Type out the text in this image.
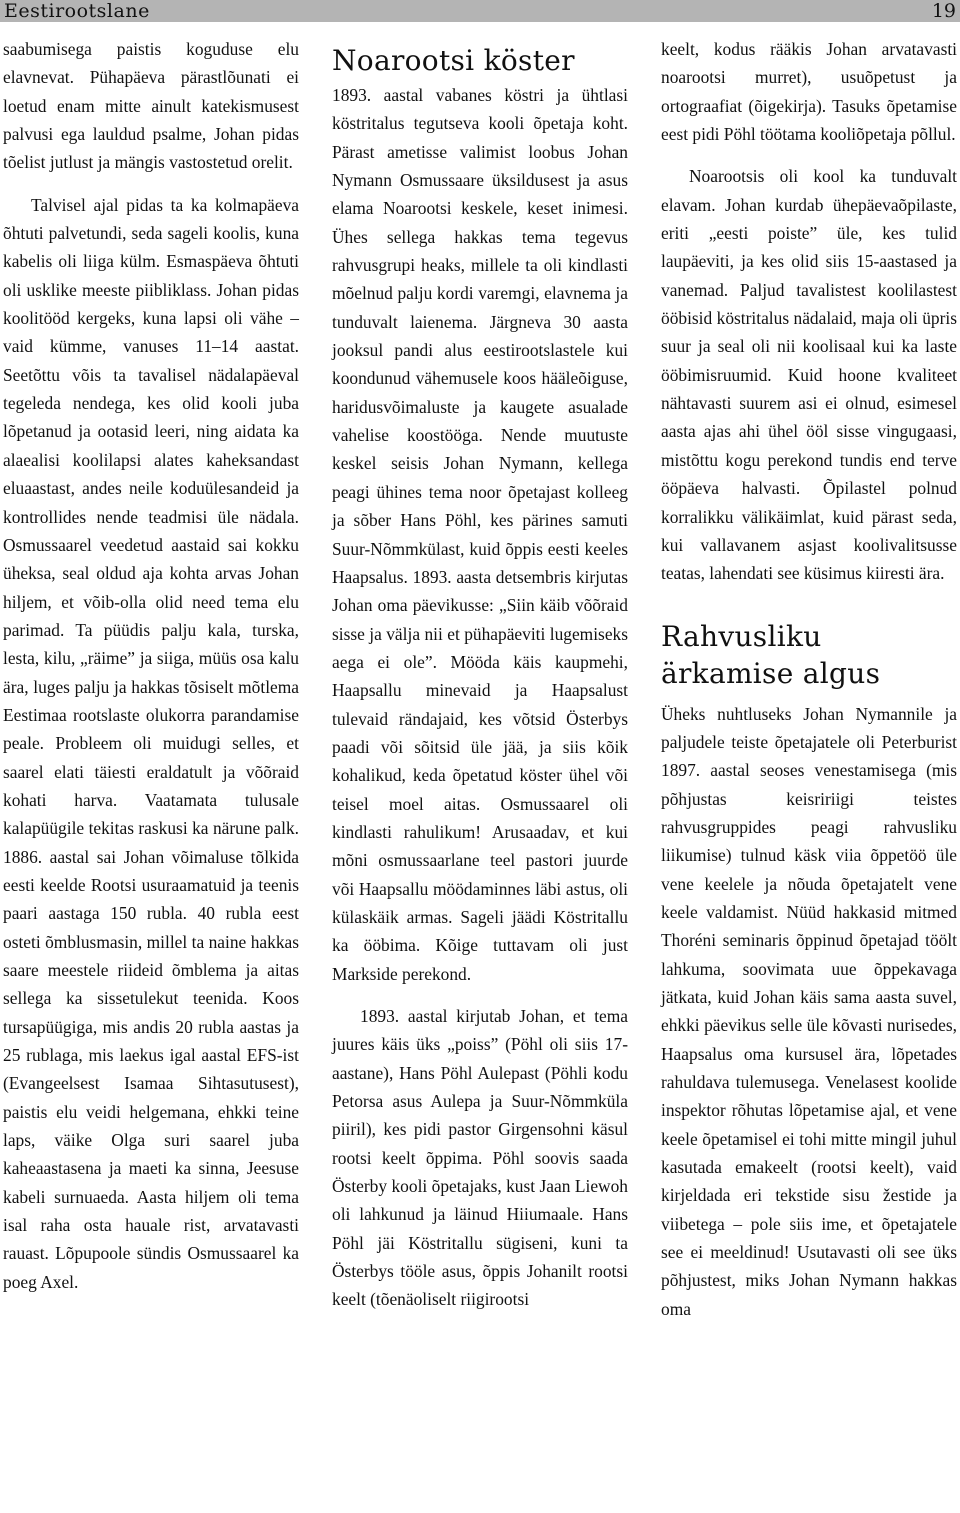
Eestirootslane	19

saabumisega paistis koguduse elu elavnevat. Pühapäeva pärastlõunati ei loetud enam mitte ainult katekismusest palvusi ega lauldud psalme, Johan pidas tõelist jutlust ja mängis vastostetud orelit.

Talvisel ajal pidas ta ka kolmapäeva õhtuti palvetundi, seda sageli koolis, kuna kabelis oli liiga külm. Esmaspäeva õhtuti oli usklike meeste piibliklass. Johan pidas koolitööd kergeks, kuna lapsi oli vähe – vaid kümme, vanuses 11–14 aastat. Seetõttu võis ta tavalisel nädalapäeval tegeleda nendega, kes olid kooli juba lõpetanud ja ootasid leeri, ning aidata ka alaealisi koolilapsi alates kaheksandast eluaastast, andes neile koduülesandeid ja kontrollides nende teadmisi üle nädala. Osmussaarel veedetud aastaid sai kokku üheksa, seal oldud aja kohta arvas Johan hiljem, et võib-olla olid need tema elu parimad. Ta püüdis palju kala, turska, lesta, kilu, „räime” ja siiga, müüs osa kalu ära, luges palju ja hakkas tõsiselt mõtlema Eestimaa rootslaste olukorra parandamise peale. Probleem oli muidugi selles, et saarel elati täiesti eraldatult ja võõraid kohati harva. Vaatamata tulusale kalapüügile tekitas raskusi ka närune palk. 1886. aastal sai Johan võimaluse tõlkida eesti keelde Rootsi usuraamatuid ja teenis paari aastaga 150 rubla. 40 rubla eest osteti õmblusmasin, millel ta naine hakkas saare meestele riideid õmblema ja aitas sellega ka sissetulekut teenida. Koos tursapüügiga, mis andis 20 rubla aastas ja 25 rublaga, mis laekus igal aastal EFS-ist (Evangeelsest Isamaa Sihtasutusest), paistis elu veidi helgemana, ehkki teine laps, väike Olga suri saarel juba kaheaastasena ja maeti ka sinna, Jeesuse kabeli surnuaeda. Aasta hiljem oli tema isal raha osta hauale rist, arvatavasti rauast. Lõpupoole sündis Osmussaarel ka poeg Axel.

Noarootsi köster

1893. aastal vabanes köstri ja ühtlasi köstritalus tegutseva kooli õpetaja koht. Pärast ametisse valimist loobus Johan Nymann Osmussaare üksildusest ja asus elama Noarootsi keskele, keset inimesi. Ühes sellega hakkas tema tegevus rahvusgrupi heaks, millele ta oli kindlasti mõelnud palju kordi varemgi, elavnema ja tunduvalt laienema. Järgneva 30 aasta jooksul pandi alus eestirootslastele kui koondunud vähemusele koos hääleõiguse, haridusvõimaluste ja kaugete asualade vahelise koostööga. Nende muutuste keskel seisis Johan Nymann, kellega peagi ühines tema noor õpetajast kolleeg ja sõber Hans Pöhl, kes pärines samuti Suur-Nõmmkülast, kuid õppis eesti keeles Haapsalus. 1893. aasta detsembris kirjutas Johan oma päevikusse: „Siin käib võõraid sisse ja välja nii et pühapäeviti lugemiseks aega ei ole”. Mööda käis kaupmehi, Haapsallu minevaid ja Haapsalust tulevaid rändajaid, kes võtsid Österbys paadi või sõitsid üle jää, ja siis kõik kohalikud, keda õpetatud köster ühel või teisel moel aitas. Osmussaarel oli kindlasti rahulikum! Arusaadav, et kui mõni osmussaarlane teel pastori juurde või Haapsallu möödaminnes läbi astus, oli külaskäik armas. Sageli jäädi Köstritallu ka ööbima. Kõige tuttavam oli just Markside perekond.

1893. aastal kirjutab Johan, et tema juures käis üks „poiss” (Pöhl oli siis 17-aastane), Hans Pöhl Aulepast (Pöhli kodu Petorsa asus Aulepa ja Suur-Nõmmküla piiril), kes pidi pastor Girgensohni käsul rootsi keelt õppima. Pöhl soovis saada Österby kooli õpetajaks, kust Jaan Liewoh oli lahkunud ja läinud Hiiumaale. Hans Pöhl jäi Köstritallu sügiseni, kuni ta Österbys tööle asus, õppis Johanilt rootsi keelt (tõenäoliselt riigirootsi

keelt, kodus rääkis Johan arvatavasti noarootsi murret), usuõpetust ja ortograafiat (õigekirja). Tasuks õpetamise eest pidi Pöhl töötama kooliõpetaja põllul.

Noarootsis oli kool ka tunduvalt elavam. Johan kurdab ühepäevaõpilaste, eriti „eesti poiste” üle, kes tulid laupäeviti, ja kes olid siis 15-aastased ja vanemad. Paljud tavalistest koolilastest ööbisid köstritalus nädalaid, maja oli üpris suur ja seal oli nii koolisaal kui ka laste ööbimisruumid. Kuid hoone kvaliteet nähtavasti suurem asi ei olnud, esimesel aasta ajas ahi ühel ööl sisse vingugaasi, mistõttu kogu perekond tundis end terve ööpäeva halvasti. Õpilastel polnud korralikku välikäimlat, kuid pärast seda, kui vallavanem asjast koolivalitsusse teatas, lahendati see küsimus kiiresti ära.

Rahvusliku ärkamise algus

Üheks nuhtluseks Johan Nymannile ja paljudele teiste õpetajatele oli Peterburist 1897. aastal seoses venestamisega (mis põhjustas keisririigi teistes rahvusgruppides peagi rahvusliku liikumise) tulnud käsk viia õppetöö üle vene keelele ja nõuda õpetajatelt vene keele valdamist. Nüüd hakkasid mitmed Thoréni seminaris õppinud õpetajad töölt lahkuma, soovimata uue õppekavaga jätkata, kuid Johan käis sama aasta suvel, ehkki päevikus selle üle kõvasti nurisedes, Haapsalus oma kursusel ära, lõpetades rahuldava tulemusega. Venelasest koolide inspektor rõhutas lõpetamise ajal, et vene keele õpetamisel ei tohi mitte mingil juhul kasutada emakeelt (rootsi keelt), vaid kirjeldada eri tekstide sisu žestide ja viibetega – pole siis ime, et õpetajatele see ei meeldinud! Usutavasti oli see üks põhjustest, miks Johan Nymann hakkas oma
